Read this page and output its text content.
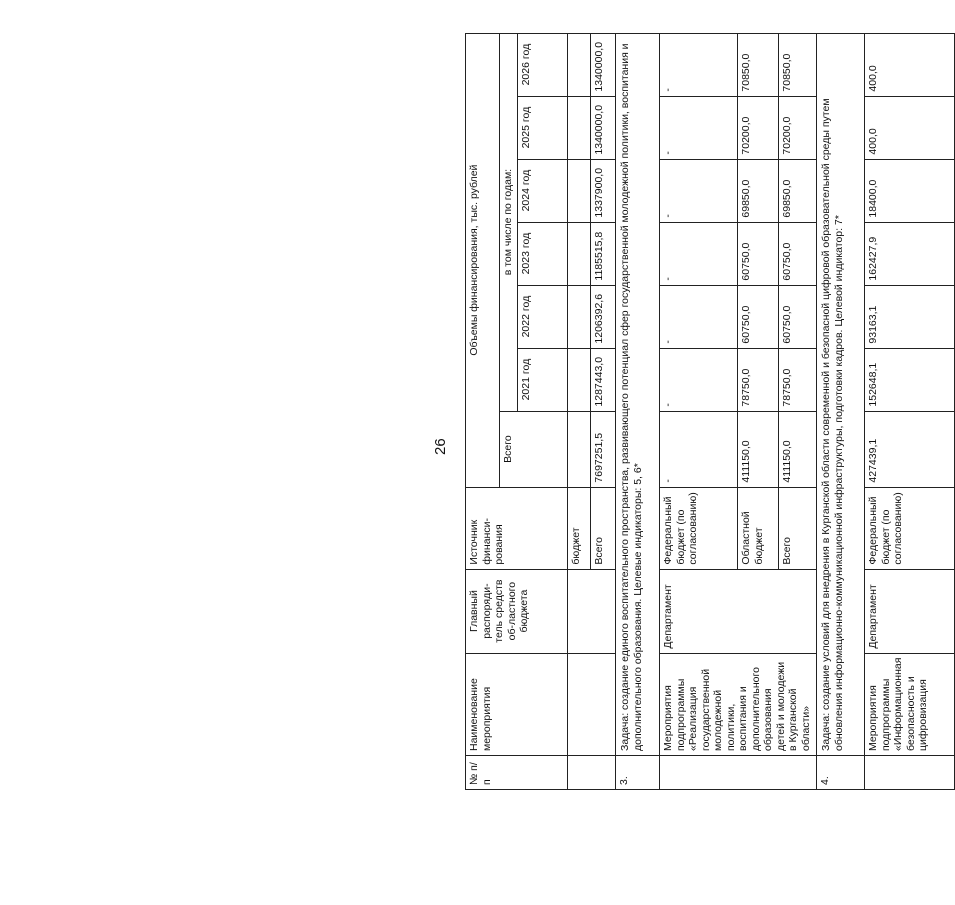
26
№ п/п	Наименование мероприятия	Главный распоряди-тель средств об-ластного бюджета	Источник финанси-рования	Объемы финансирования, тыс. рублей						
				Всего	в том числе по годам:					
					2021 год	2022 год	2023 год	2024 год	2025 год	2026 год
			бюджет							
			Всего	7697251,5	1287443,0	1206392,6	1185515,8	1337900,0	1340000,0	1340000,0
3.	Задача: создание единого воспитательного пространства, развивающего потенциал сфер государственной молодежной политики, воспитания и дополнительного образования. Целевые индикаторы: 5, 6*									
	Мероприятия подпрограммы «Реализация государственной молодежной политики, воспитания и дополнительного образования детей и молодежи в Курганской области»	Департамент	Федеральный бюджет (по согласованию)	-	-	-	-	-	-	-
			Областной бюджет	411150,0	78750,0	60750,0	60750,0	69850,0	70200,0	70850,0
			Всего	411150,0	78750,0	60750,0	60750,0	69850,0	70200,0	70850,0
4.	Задача: создание условий для внедрения в Курганской области современной и безопасной цифровой образовательной среды путем обновления информационно-коммуникационной инфраструктуры, подготовки кадров. Целевой индикатор: 7*									
	Мероприятия подпрограммы «Информационная безопасность и цифровизация	Департамент	Федеральный бюджет (по согласованию)	427439,1	152648,1	93163,1	162427,9	18400,0	400,0	400,0
